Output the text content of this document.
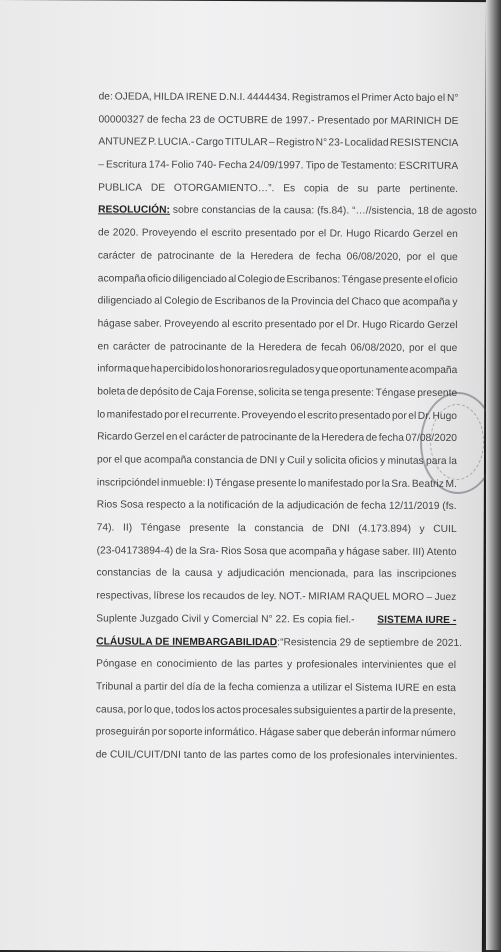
de: OJEDA, HILDA IRENE D.N.I. 4444434. Registramos el Primer Acto bajo el N°
00000327 de fecha 23 de OCTUBRE de 1997.- Presentado por MARINICH DE
ANTUNEZ P. LUCIA.- Cargo TITULAR – Registro N° 23- Localidad RESISTENCIA
– Escritura 174- Folio 740- Fecha 24/09/1997. Tipo de Testamento: ESCRITURA
PUBLICA DE OTORGAMIENTO…”. Es copia de su parte pertinente.
RESOLUCIÓN:
sobre constancias de la causa: (fs.84). “…//sistencia, 18 de agosto
de 2020. Proveyendo el escrito presentado por el Dr. Hugo Ricardo Gerzel en
carácter de patrocinante de la Heredera de fecha 06/08/2020, por el que
acompaña oficio diligenciado al Colegio de Escribanos: Téngase presente el oficio
diligenciado al Colegio de Escribanos de la Provincia del Chaco que acompaña y
hágase saber. Proveyendo al escrito presentado por el Dr. Hugo Ricardo Gerzel
en carácter de patrocinante de la Heredera de fecah 06/08/2020, por el que
informa que ha percibido los honorarios regulados y que oportunamente acompaña
boleta de depósito de Caja Forense, solicita se tenga presente: Téngase presente
lo manifestado por el recurrente. Proveyendo el escrito presentado por el Dr. Hugo
Ricardo Gerzel en el carácter de patrocinante de la Heredera de fecha 07/08/2020
por el que acompaña constancia de DNI y Cuil y solicita oficios y minutas para la
inscripcióndel inmueble: I) Téngase presente lo manifestado por la Sra. Beatriz M.
Rios Sosa respecto a la notificación de la adjudicación de fecha 12/11/2019 (fs.
74). II) Téngase presente la constancia de DNI (4.173.894) y CUIL
(23-04173894-4) de la Sra- Rios Sosa que acompaña y hágase saber. III) Atento
constancias de la causa y adjudicación mencionada, para las inscripciones
respectivas, líbrese los recaudos de ley. NOT.- MIRIAM RAQUEL MORO – Juez
Suplente Juzgado Civil y Comercial N° 22. Es copia fiel.- SISTEMA IURE -
CLÁUSULA DE INEMBARGABILIDAD: “Resistencia 29 de septiembre de 2021.
Póngase en conocimiento de las partes y profesionales intervinientes que el
Tribunal a partir del día de la fecha comienza a utilizar el Sistema IURE en esta
causa, por lo que, todos los actos procesales subsiguientes a partir de la presente,
proseguirán por soporte informático. Hágase saber que deberán informar número
de CUIL/CUIT/DNI tanto de las partes como de los profesionales intervinientes.
